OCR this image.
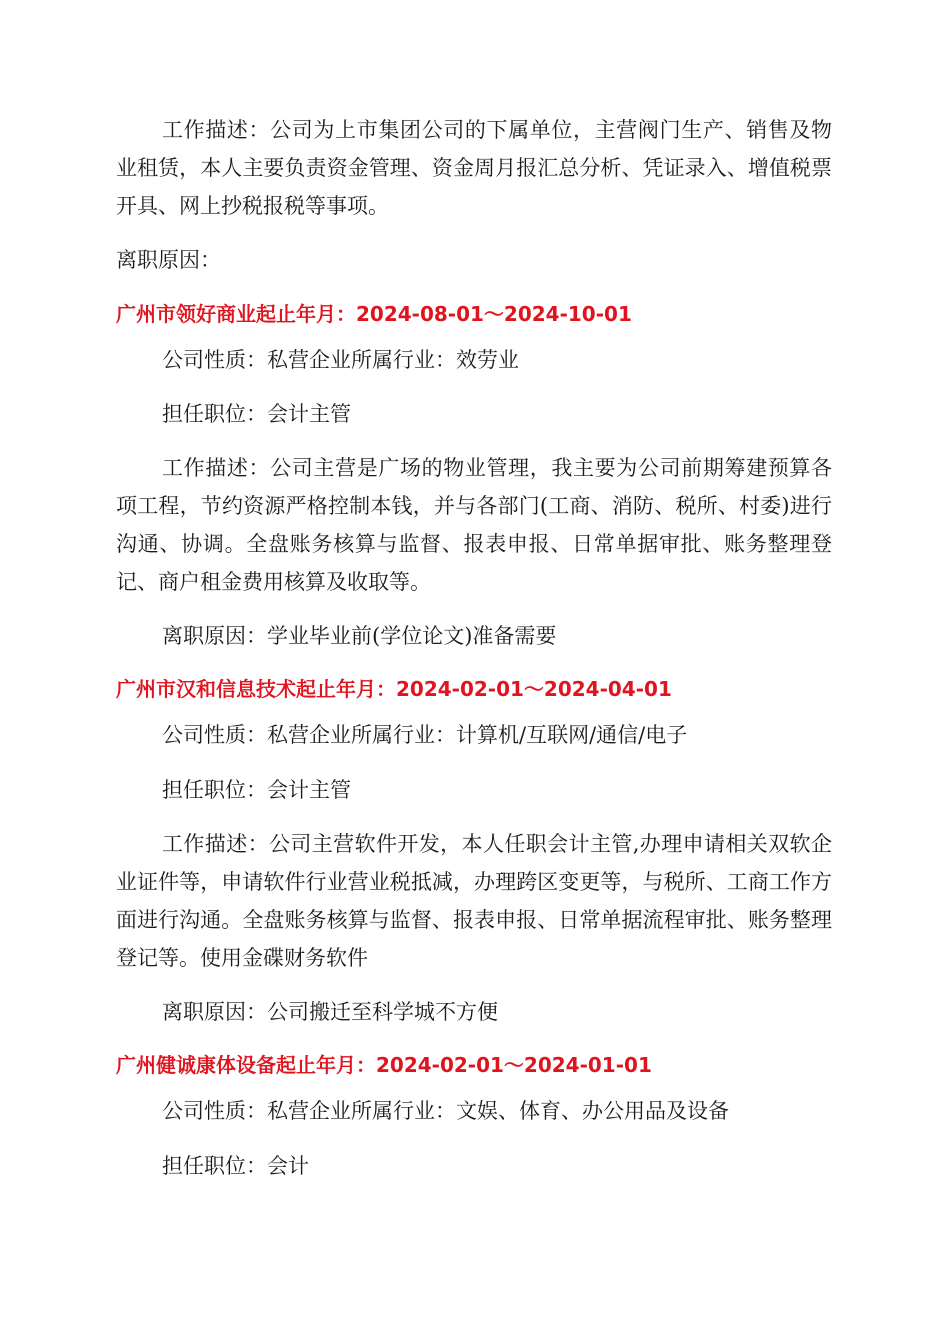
工作描述：公司为上市集团公司的下属单位，主营阀门生产、销售及物业租赁，本人主要负责资金管理、资金周月报汇总分析、凭证录入、增值税票开具、网上抄税报税等事项。

离职原因：

广州市领好商业起止年月：2024-08-01～2024-10-01

公司性质：私营企业所属行业：效劳业

担任职位：会计主管

工作描述：公司主营是广场的物业管理，我主要为公司前期筹建预算各项工程，节约资源严格控制本钱，并与各部门(工商、消防、税所、村委)进行沟通、协调。全盘账务核算与监督、报表申报、日常单据审批、账务整理登记、商户租金费用核算及收取等。

离职原因：学业毕业前(学位论文)准备需要

广州市汉和信息技术起止年月：2024-02-01～2024-04-01

公司性质：私营企业所属行业：计算机/互联网/通信/电子

担任职位：会计主管

工作描述：公司主营软件开发，本人任职会计主管,办理申请相关双软企业证件等，申请软件行业营业税抵减，办理跨区变更等，与税所、工商工作方面进行沟通。全盘账务核算与监督、报表申报、日常单据流程审批、账务整理登记等。使用金碟财务软件

离职原因：公司搬迁至科学城不方便

广州健诚康体设备起止年月：2024-02-01～2024-01-01

公司性质：私营企业所属行业：文娱、体育、办公用品及设备

担任职位：会计
